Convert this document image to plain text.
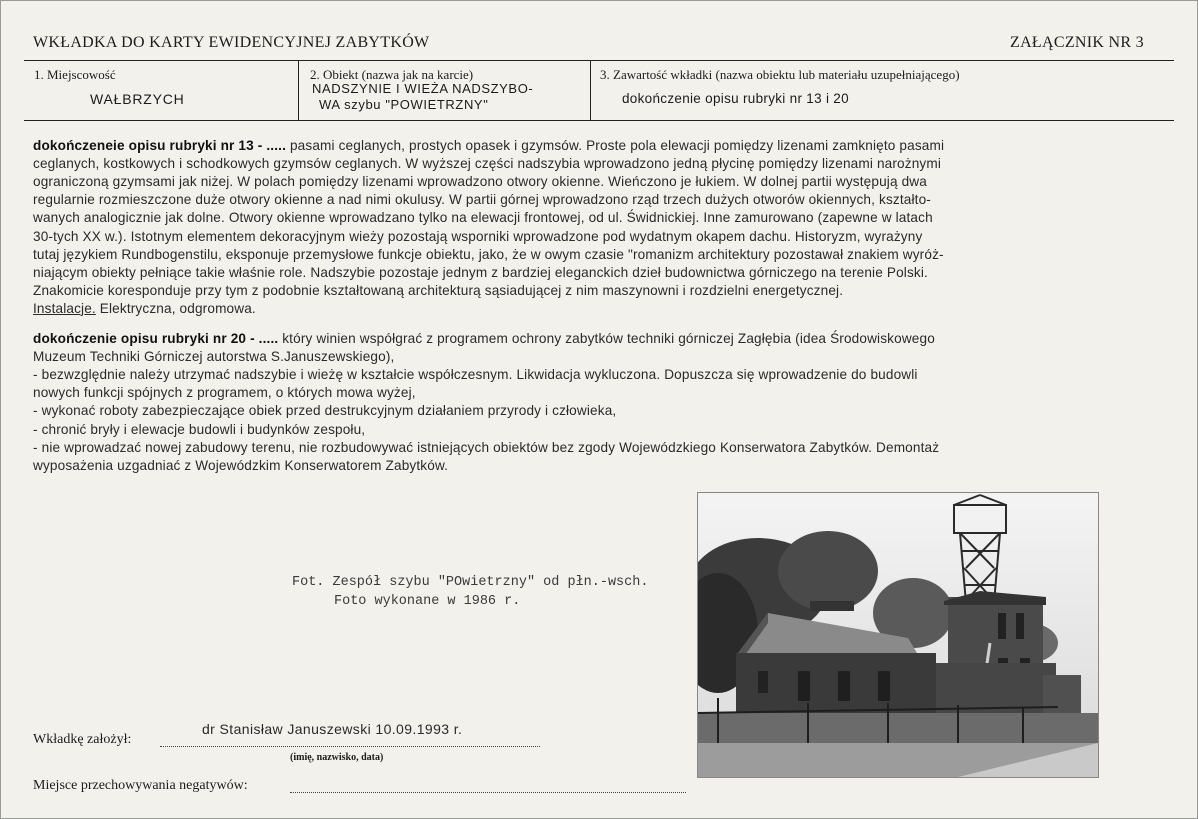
WKŁADKA DO KARTY EWIDENCYJNEJ ZABYTKÓW	ZAŁĄCZNIK NR 3
1. Miejscowość
WAŁBRZYCH
2. Obiekt (nazwa jak na karcie)
NADSZYNIE I WIEŻA NADSZYBO-
WA szybu "POWIETRZNY"
3. Zawartość wkładki (nazwa obiektu lub materiału uzupełniającego)
dokończenie opisu rubryki nr 13 i 20
dokończeneie opisu rubryki nr 13 - ..... pasami ceglanych, prostych opasek i gzymsów. Proste pola elewacji pomiędzy lizenami zamknięto pasami
ceglanych, kostkowych i schodkowych gzymsów ceglanych. W wyższej części nadszybia wprowadzono jedną płycinę pomiędzy lizenami narożnymi
ograniczoną gzymsami jak niżej. W polach pomiędzy lizenami wprowadzono otwory okienne. Wieńczono je łukiem. W dolnej partii występują dwa
regularnie rozmieszczone duże otwory okienne a nad nimi okulusy. W partii górnej wprowadzono rząd trzech dużych otworów okiennych, kształto-
wanych analogicznie jak dolne. Otwory okienne wprowadzano tylko na elewacji frontowej, od ul. Świdnickiej. Inne zamurowano (zapewne w latach
30-tych XX w.). Istotnym elementem dekoracyjnym wieży pozostają wsporniki wprowadzone pod wydatnym okapem dachu. Historyzm, wyrażyny
tutaj językiem Rundbogenstilu, eksponuje przemysłowe funkcje obiektu, jako, że w owym czasie "romanizm architektury pozostawał znakiem wyróż-
niającym obiekty pełniące takie właśnie role. Nadszybie pozostaje jednym z bardziej eleganckich dzieł budownictwa górniczego na terenie Polski.
Znakomicie koresponduje przy tym z podobnie kształtowaną architekturą sąsiadującej z nim maszynowni i rozdzielni energetycznej.
Instalacje. Elektryczna, odgromowa.
dokończenie opisu rubryki nr 20 - ..... który winien współgrać z programem ochrony zabytków techniki górniczej Zagłębia (idea Środowiskowego
Muzeum Techniki Górniczej autorstwa S.Januszewskiego),
- bezwzględnie należy utrzymać nadszybie i wieżę w kształcie współczesnym. Likwidacja wykluczona. Dopuszcza się wprowadzenie do budowli
nowych funkcji spójnych z programem, o których mowa wyżej,
- wykonać roboty zabezpieczające obiek przed destrukcyjnym działaniem przyrody i człowieka,
- chronić bryły i elewacje budowli i budynków zespołu,
- nie wprowadzać nowej zabudowy terenu, nie rozbudowywać istniejących obiektów bez zgody Wojewódzkiego Konserwatora Zabytków. Demontaż
wyposażenia uzgadniać z Wojewódzkim Konserwatorem Zabytków.
Fot. Zespół szybu "POwietrzny" od płn.-wsch.
Foto wykonane w 1986 r.
Wkładkę założył:
dr Stanisław Januszewski 10.09.1993 r.
(imię, nazwisko, data)
Miejsce przechowywania negatywów:
